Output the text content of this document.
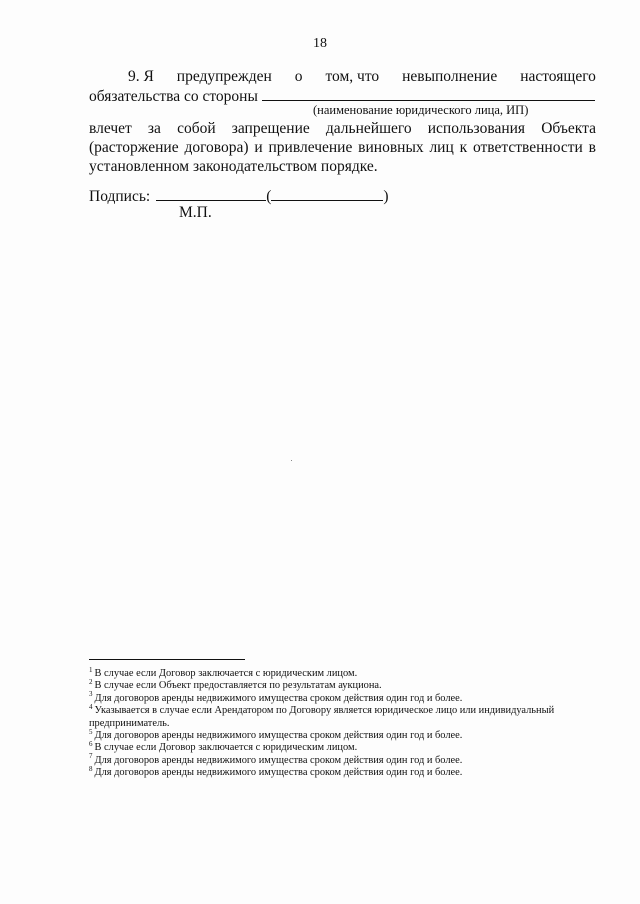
18
9. Я предупрежден о том, что невыполнение настоящего
обязательства со стороны
(наименование юридического лица, ИП)
влечет за собой запрещение дальнейшего использования Объекта
(расторжение договора) и привлечение виновных лиц к ответственности в
установленном законодательством порядке.
Подпись:	(	)
М.П.

$^1$ В случае если Договор заключается с юридическим лицом.

$^2$ В случае если Объект предоставляется по результатам аукциона.

$^3$ Для договоров аренды недвижимого имущества сроком действия один год и более.

$^4$ Указывается в случае если Арендатором по Договору является юридическое лицо или индивидуальный предприниматель.

$^5$ Для договоров аренды недвижимого имущества сроком действия один год и более.

$^6$ В случае если Договор заключается с юридическим лицом.

$^7$ Для договоров аренды недвижимого имущества сроком действия один год и более.

$^8$ Для договоров аренды недвижимого имущества сроком действия один год и более.
